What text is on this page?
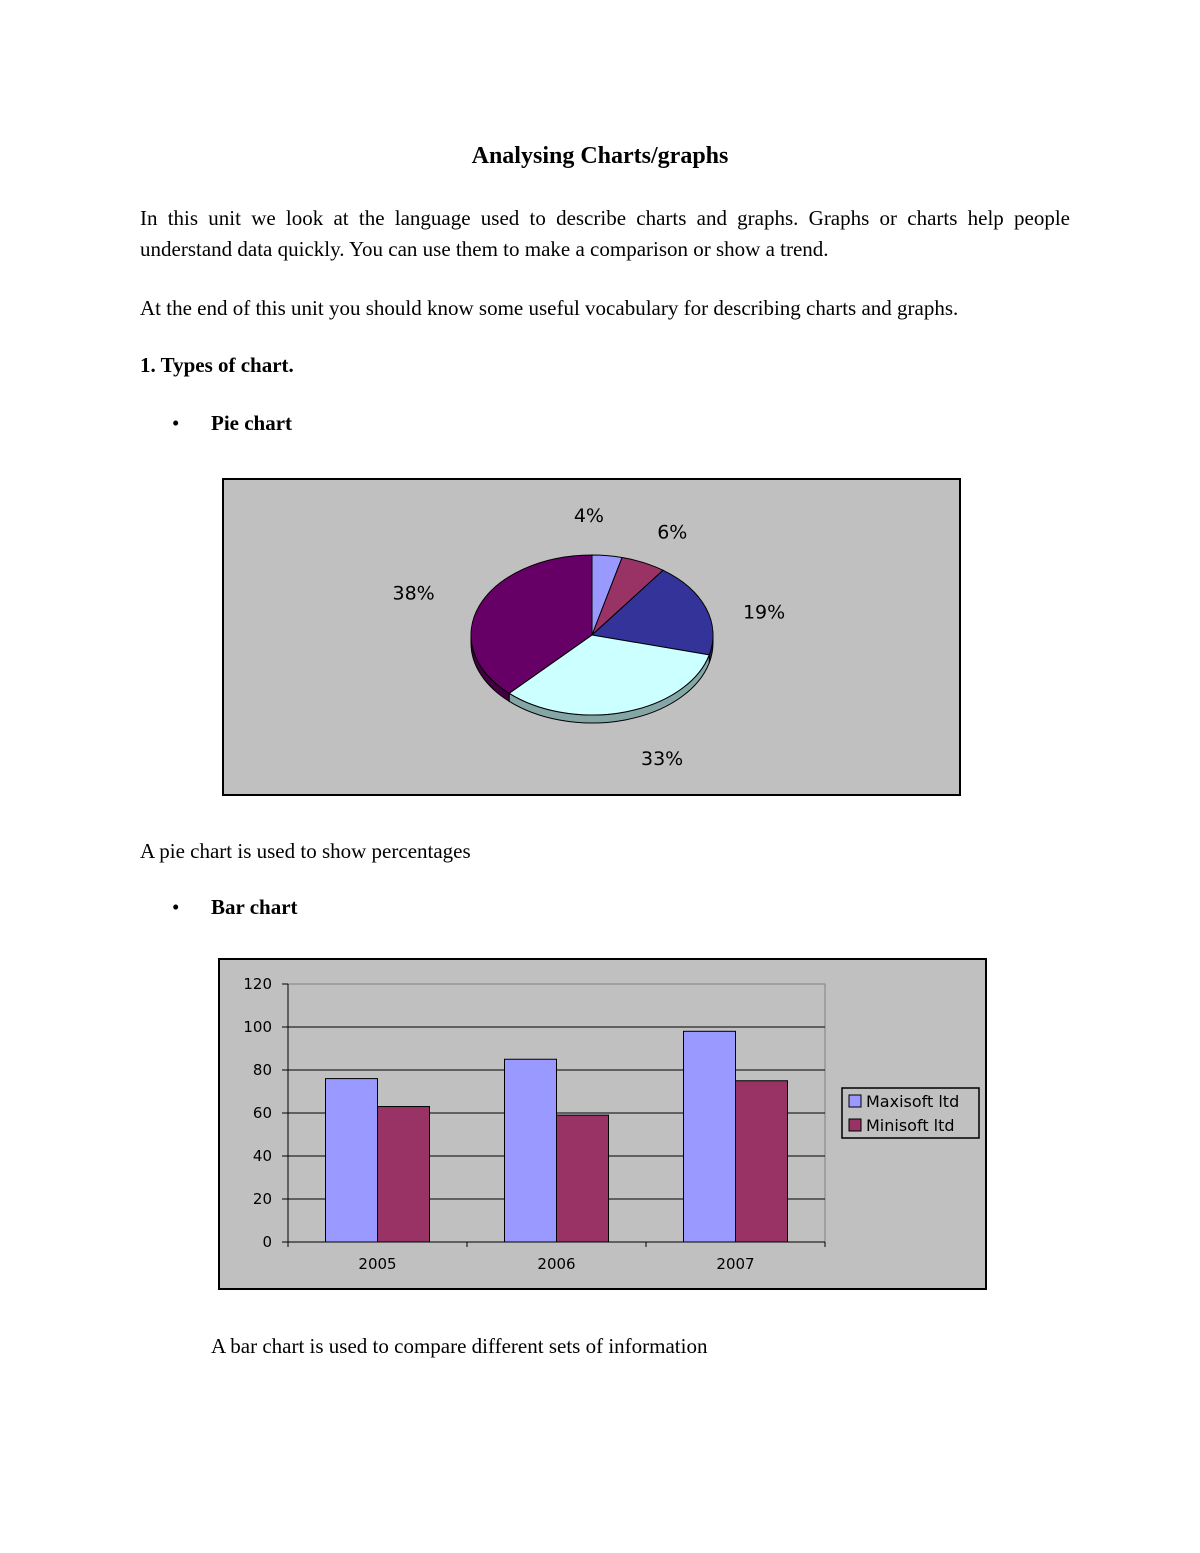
Analysing Charts/graphs

In this unit we look at the language used to describe charts and graphs. Graphs or charts help people understand data quickly. You can use them to make a comparison or show a trend.

At the end of this unit you should know some useful vocabulary for describing charts and graphs.

1. Types of chart.

• Pie chart
4%
6%
19%
33%
38%

A pie chart is used to show percentages

• Bar chart
0
20
40
60
80
100
120
2005	2006	2007
Maxisoft ltd
Minisoft ltd

A bar chart is used to compare different sets of information
